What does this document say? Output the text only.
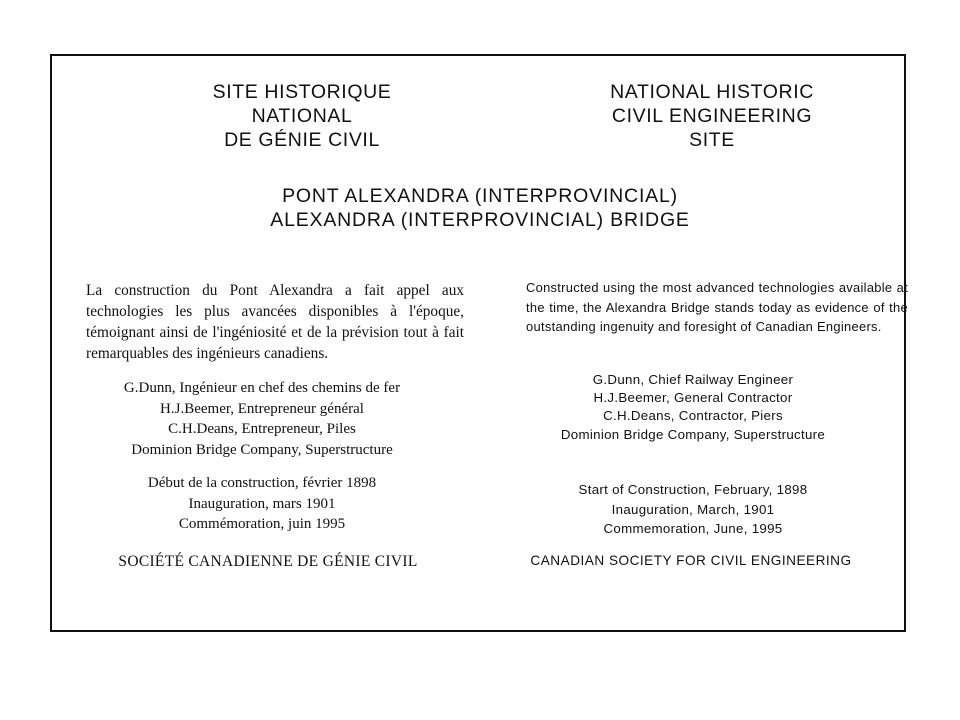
SITE HISTORIQUE
NATIONAL
DE GÉNIE CIVIL
NATIONAL HISTORIC
CIVIL ENGINEERING
SITE
PONT ALEXANDRA (INTERPROVINCIAL)
ALEXANDRA (INTERPROVINCIAL) BRIDGE
La construction du Pont Alexandra a fait appel aux technologies les plus avancées disponibles à l'époque, témoignant ainsi de l'ingéniosité et de la prévision tout à fait remarquables des ingénieurs canadiens.
Constructed using the most advanced technologies available at the time, the Alexandra Bridge stands today as evidence of the outstanding ingenuity and foresight of Canadian Engineers.
G.Dunn, Ingénieur en chef des chemins de fer
H.J.Beemer, Entrepreneur général
C.H.Deans, Entrepreneur, Piles
Dominion Bridge Company, Superstructure
G.Dunn, Chief Railway Engineer
H.J.Beemer, General Contractor
C.H.Deans, Contractor, Piers
Dominion Bridge Company, Superstructure
Début de la construction, février 1898
Inauguration, mars 1901
Commémoration, juin 1995
Start of Construction, February, 1898
Inauguration, March, 1901
Commemoration, June, 1995
SOCIÉTÉ CANADIENNE DE GÉNIE CIVIL	CANADIAN SOCIETY FOR CIVIL ENGINEERING
